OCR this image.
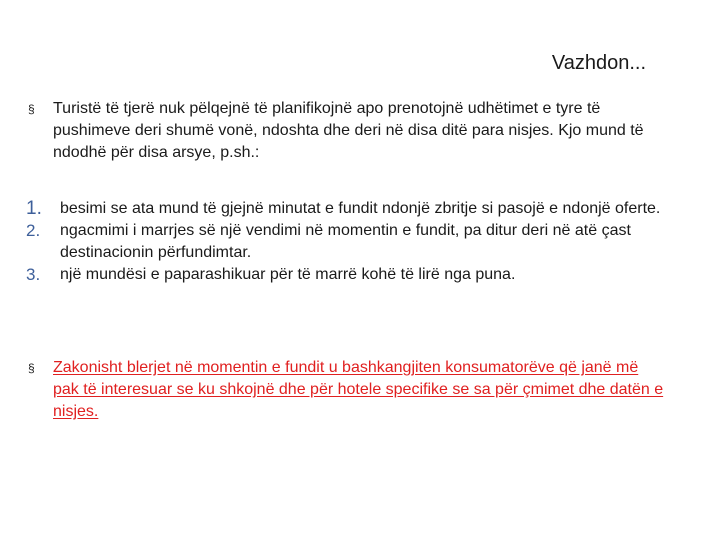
Vazhdon...
§	Turistë të tjerë nuk pëlqejnë të planifikojnë apo prenotojnë udhëtimet e tyre të pushimeve deri shumë vonë, ndoshta dhe deri në disa ditë para nisjes. Kjo mund të ndodhë për disa arsye, p.sh.:
1.	besimi se ata mund të gjejnë minutat e fundit ndonjë zbritje si pasojë e ndonjë oferte.
2.	ngacmimi i marrjes së një vendimi në momentin e fundit, pa ditur deri në atë çast destinacionin përfundimtar.
3.	një mundësi e paparashikuar për të marrë kohë të lirë nga puna.
§	Zakonisht blerjet në momentin e fundit u bashkangjiten konsumatorëve që janë më pak të interesuar se ku shkojnë dhe për hotele specifike se sa për çmimet dhe datën e nisjes.
